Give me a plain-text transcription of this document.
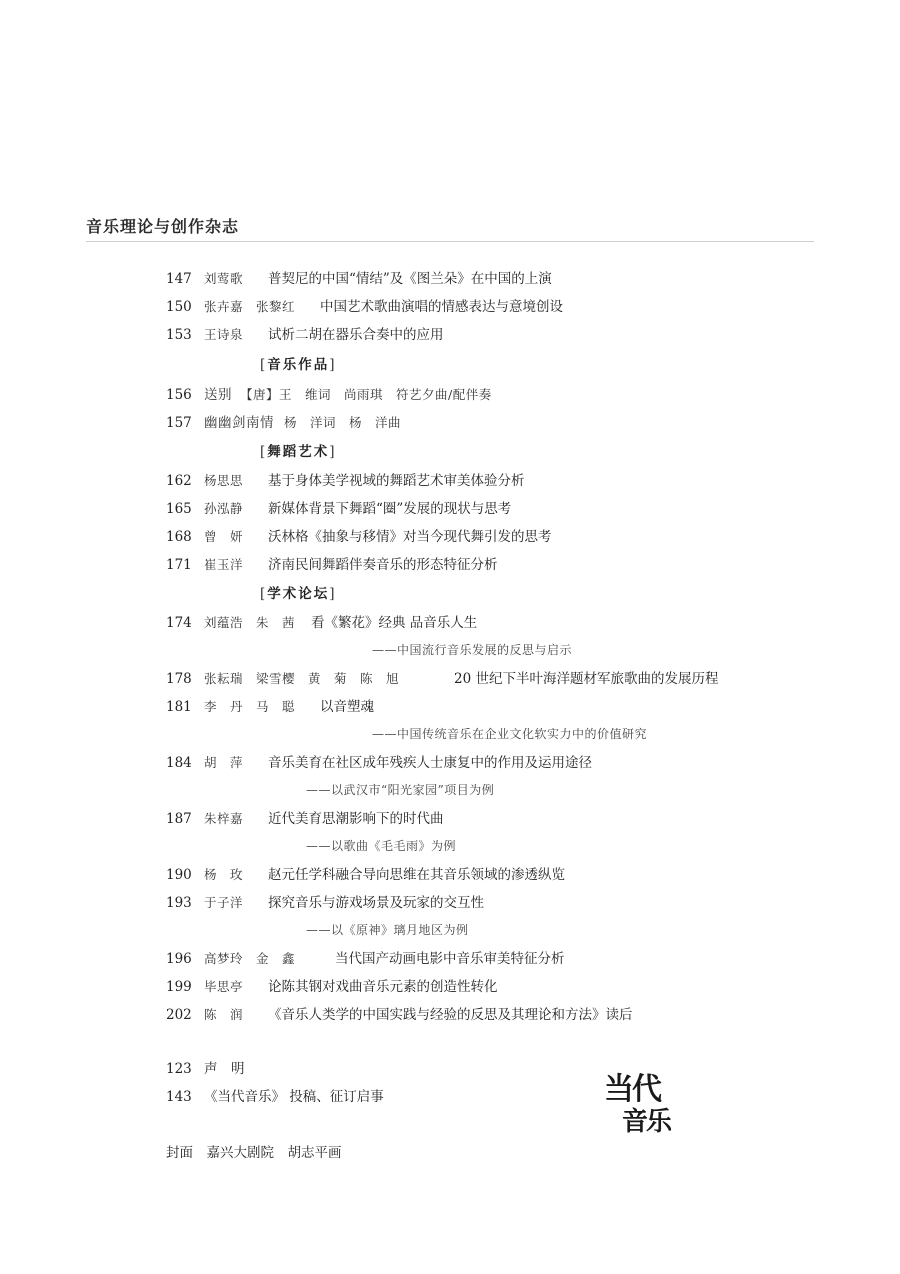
音乐理论与创作杂志
147 刘莺歌 普契尼的中国“情结”及《图兰朵》在中国的上演
150 张卉嘉　张黎红 中国艺术歌曲演唱的情感表达与意境创设
153 王诗泉 试析二胡在器乐合奏中的应用
[音乐作品]
156 送别 【唐】王　维词　尚雨琪　符艺夕曲/配伴奏
157 幽幽剑南情 杨　洋词　杨　洋曲
[舞蹈艺术]
162 杨思思 基于身体美学视域的舞蹈艺术审美体验分析
165 孙泓静 新媒体背景下舞蹈“圈”发展的现状与思考
168 曾　妍 沃林格《抽象与移情》对当今现代舞引发的思考
171 崔玉洋 济南民间舞蹈伴奏音乐的形态特征分析
[学术论坛]
174 刘蕴浩　朱　茜 看《繁花》经典 品音乐人生
——中国流行音乐发展的反思与启示
178 张耘瑞　梁雪樱　黄　菊　陈　旭	20 世纪下半叶海洋题材军旅歌曲的发展历程
181 李　丹　马　聪 以音塑魂
——中国传统音乐在企业文化软实力中的价值研究
184 胡　萍 音乐美育在社区成年残疾人士康复中的作用及运用途径
——以武汉市“阳光家园”项目为例
187 朱梓嘉 近代美育思潮影响下的时代曲
——以歌曲《毛毛雨》为例
190 杨　玫 赵元任学科融合导向思维在其音乐领域的渗透纵览
193 于子洋 探究音乐与游戏场景及玩家的交互性
——以《原神》璃月地区为例
196 高梦玲　金　鑫	当代国产动画电影中音乐审美特征分析
199 毕思亭 论陈其钢对戏曲音乐元素的创造性转化
202 陈　润 《音乐人类学的中国实践与经验的反思及其理论和方法》读后
123 声　明
143 《当代音乐》 投稿、征订启事
封面　嘉兴大剧院　胡志平画
当代
音乐
